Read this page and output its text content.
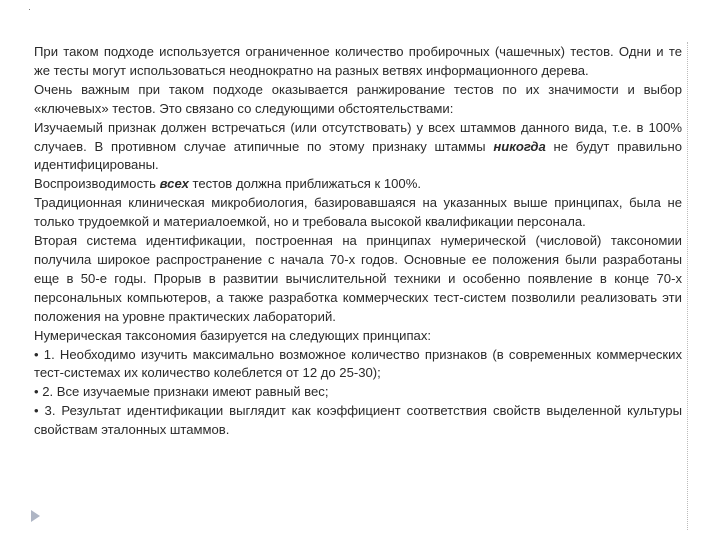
·

При таком подходе используется ограниченное количество пробирочных (чашечных) тестов. Одни и те же тесты могут использоваться неоднократно на разных ветвях информационного дерева.

Очень важным при таком подходе оказывается ранжирование тестов по их значимости и выбор «ключевых» тестов. Это связано со следующими обстоятельствами:

Изучаемый признак должен встречаться (или отсутствовать) у всех штаммов данного вида, т.е. в 100% случаев. В противном случае атипичные по этому признаку штаммы никогда не будут правильно идентифицированы.

Воспроизводимость всех тестов должна приближаться к 100%.

Традиционная клиническая микробиология, базировавшаяся на указанных выше принципах, была не только трудоемкой и материалоемкой, но и требовала высокой квалификации персонала.

Вторая система идентификации, построенная на принципах нумерической (числовой) таксономии получила широкое распространение с начала 70-х годов. Основные ее положения были разработаны еще в 50-е годы. Прорыв в развитии вычислительной техники и особенно появление в конце 70-х персональных компьютеров, а также разработка коммерческих тест-систем позволили реализовать эти положения на уровне практических лабораторий.

Нумерическая таксономия базируется на следующих принципах:

• 1. Необходимо изучить максимально возможное количество признаков (в современных коммерческих тест-системах их количество колеблется от 12 до 25-30);

• 2. Все изучаемые признаки имеют равный вес;

• 3. Результат идентификации выглядит как коэффициент соответствия свойств выделенной культуры свойствам эталонных штаммов.
